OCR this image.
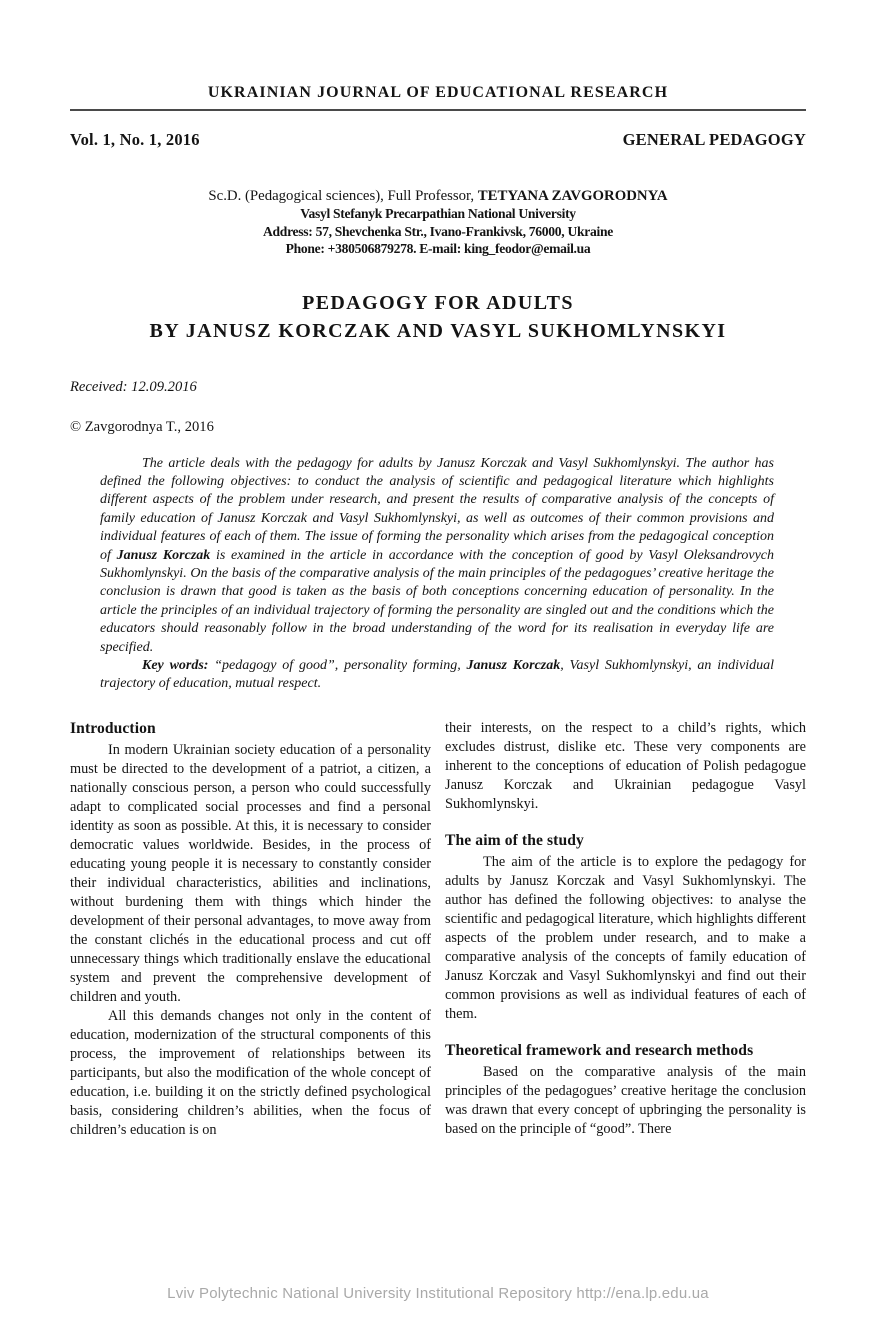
UKRAINIAN JOURNAL OF EDUCATIONAL RESEARCH
Vol. 1, No. 1, 2016	GENERAL PEDAGOGY
Sc.D. (Pedagogical sciences), Full Professor, TETYANA ZAVGORODNYA
Vasyl Stefanyk Precarpathian National University
Address: 57, Shevchenka Str., Ivano-Frankivsk, 76000, Ukraine
Phone: +380506879278. E-mail: king_feodor@email.ua
PEDAGOGY FOR ADULTS
BY JANUSZ KORCZAK AND VASYL SUKHOMLYNSKYI
Received: 12.09.2016
© Zavgorodnya T., 2016

The article deals with the pedagogy for adults by Janusz Korczak and Vasyl Sukhomlynskyi. The author has defined the following objectives: to conduct the analysis of scientific and pedagogical literature which highlights different aspects of the problem under research, and present the results of comparative analysis of the concepts of family education of Janusz Korczak and Vasyl Sukhomlynskyi, as well as outcomes of their common provisions and individual features of each of them. The issue of forming the personality which arises from the pedagogical conception of Janusz Korczak is examined in the article in accordance with the conception of good by Vasyl Oleksandrovych Sukhomlynskyi. On the basis of the comparative analysis of the main principles of the pedagogues’ creative heritage the conclusion is drawn that good is taken as the basis of both conceptions concerning education of personality. In the article the principles of an individual trajectory of forming the personality are singled out and the conditions which the educators should reasonably follow in the broad understanding of the word for its realisation in everyday life are specified.

Key words: “pedagogy of good”, personality forming, Janusz Korczak, Vasyl Sukhomlynskyi, an individual trajectory of education, mutual respect.

Introduction

In modern Ukrainian society education of a personality must be directed to the development of a patriot, a citizen, a nationally conscious person, a person who could successfully adapt to complicated social processes and find a personal identity as soon as possible. At this, it is necessary to consider democratic values worldwide. Besides, in the process of educating young people it is necessary to constantly consider their individual characteristics, abilities and inclinations, without burdening them with things which hinder the development of their personal advantages, to move away from the constant clichés in the educational process and cut off unnecessary things which traditionally enslave the educational system and prevent the comprehensive development of children and youth.

All this demands changes not only in the content of education, modernization of the structural components of this process, the improvement of relationships between its participants, but also the modification of the whole concept of education, i.e. building it on the strictly defined psychological basis, considering children’s abilities, when the focus of children’s education is on

their interests, on the respect to a child’s rights, which excludes distrust, dislike etc. These very components are inherent to the conceptions of education of Polish pedagogue Janusz Korczak and Ukrainian pedagogue Vasyl Sukhomlynskyi.

The aim of the study

The aim of the article is to explore the pedagogy for adults by Janusz Korczak and Vasyl Sukhomlynskyi. The author has defined the following objectives: to analyse the scientific and pedagogical literature, which highlights different aspects of the problem under research, and to make a comparative analysis of the concepts of family education of Janusz Korczak and Vasyl Sukhomlynskyi and find out their common provisions as well as individual features of each of them.

Theoretical framework and research methods

Based on the comparative analysis of the main principles of the pedagogues’ creative heritage the conclusion was drawn that every concept of upbringing the personality is based on the principle of “good”. There

Lviv Polytechnic National University Institutional Repository http://ena.lp.edu.ua
